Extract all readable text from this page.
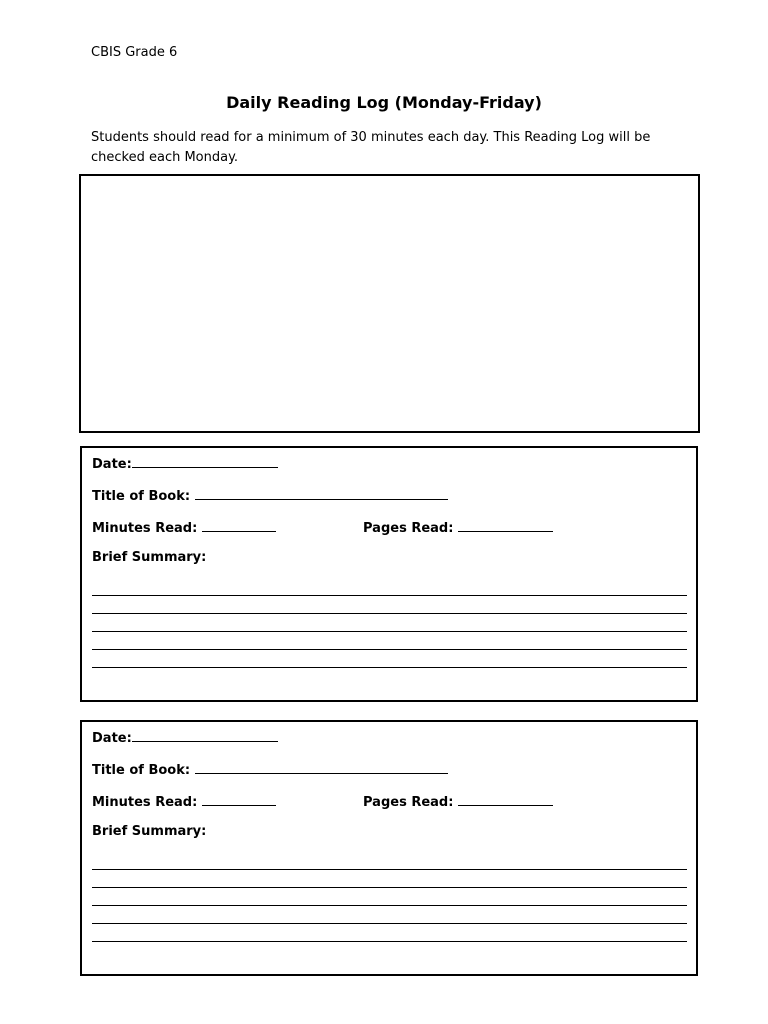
CBIS Grade 6
Daily Reading Log (Monday-Friday)
Students should read for a minimum of 30 minutes each day. This Reading Log will be checked each Monday.
Date:
Title of Book:
Minutes Read:	Pages Read:
Brief Summary:
Date:
Title of Book:
Minutes Read:	Pages Read:
Brief Summary:
